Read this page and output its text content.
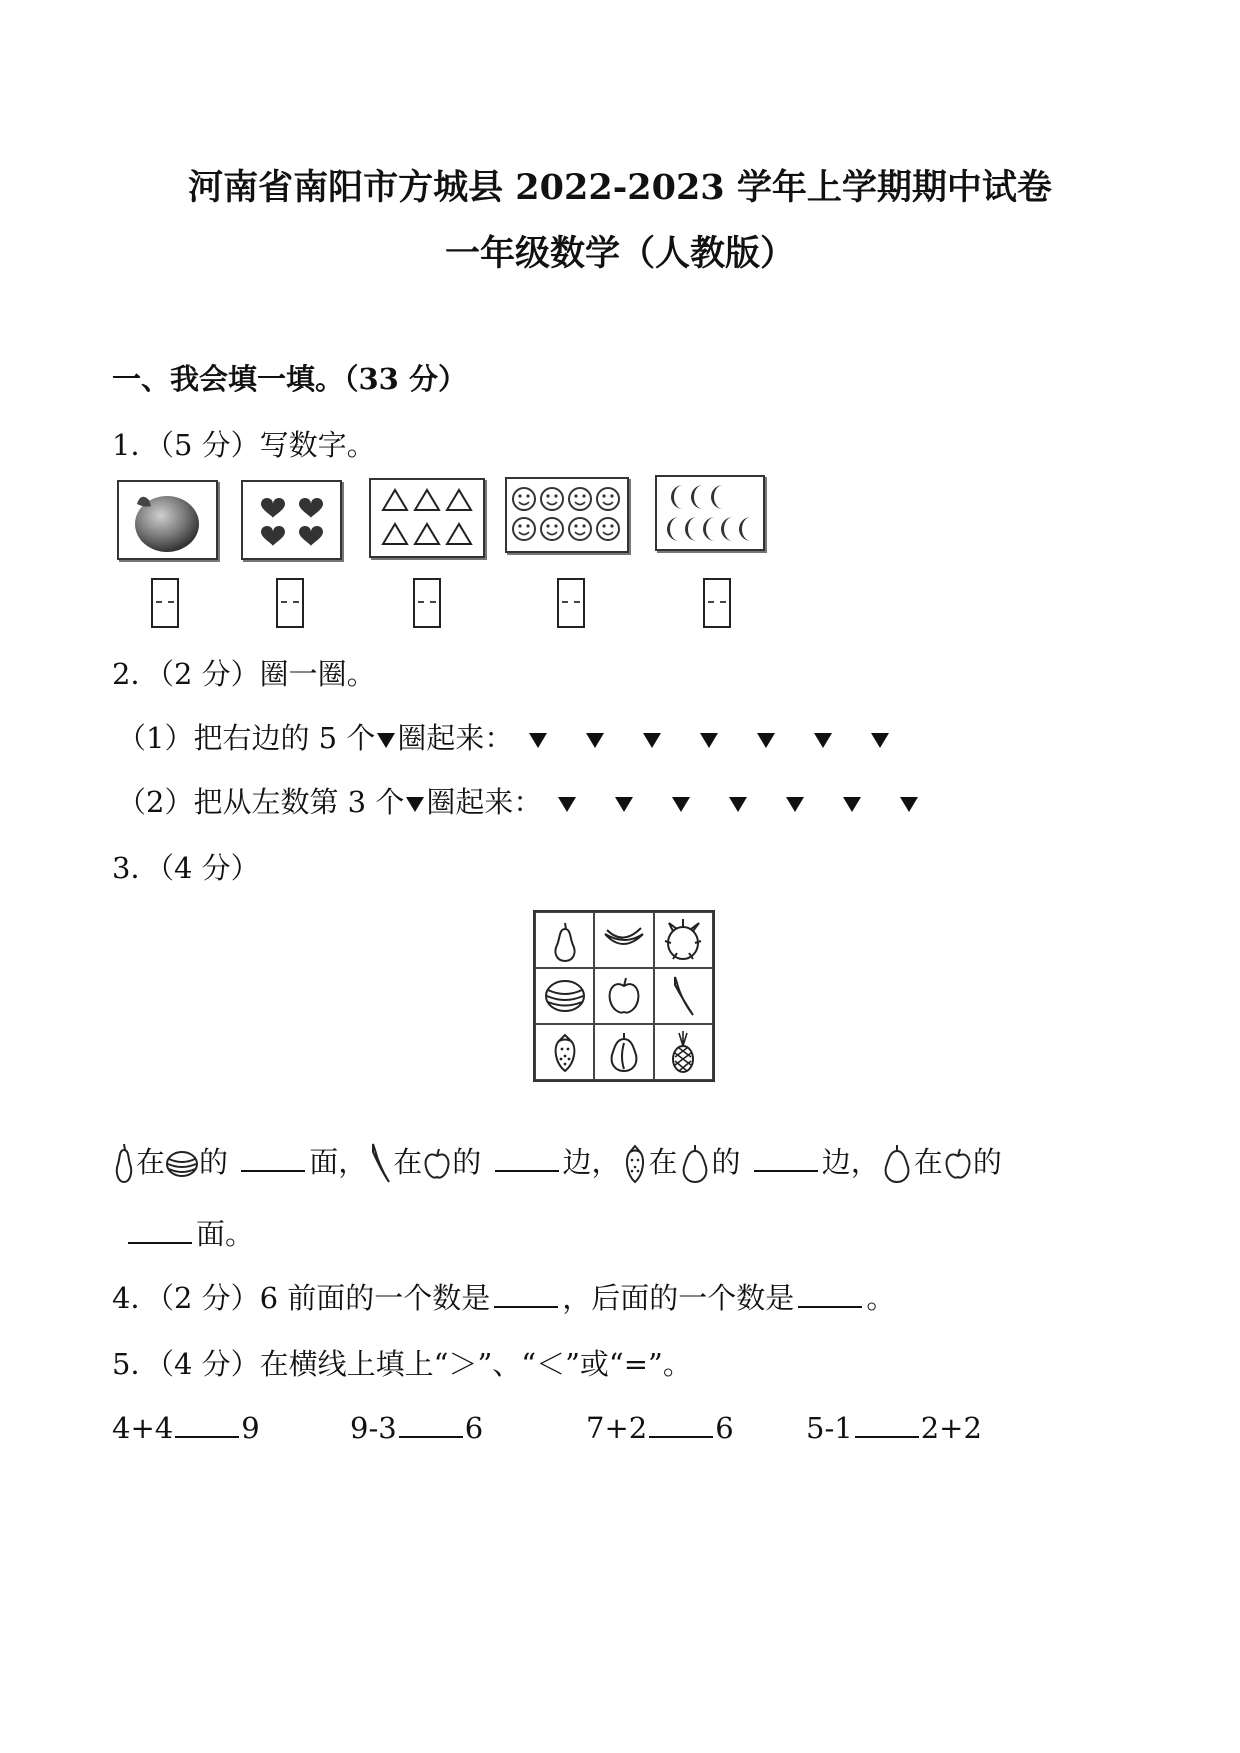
河南省南阳市方城县 2022-2023 学年上学期期中试卷
一年级数学（人教版）
一、我会填一填。（33 分）
1．（5 分）写数字。
2．（2 分）圈一圈。
（1）把右边的 5 个 圈起来：
（2）把从左数第 3 个 圈起来：
3．（4 分）
在 的	面， 在 的	边， 在 的	边， 在 的
面。
4．（2 分）6 前面的一个数是 ，后面的一个数是 。
5．（4 分）在横线上填上“＞”、“＜”或“=”。
4+4 9	9-3 6	7+2 6 5-1 2+2
